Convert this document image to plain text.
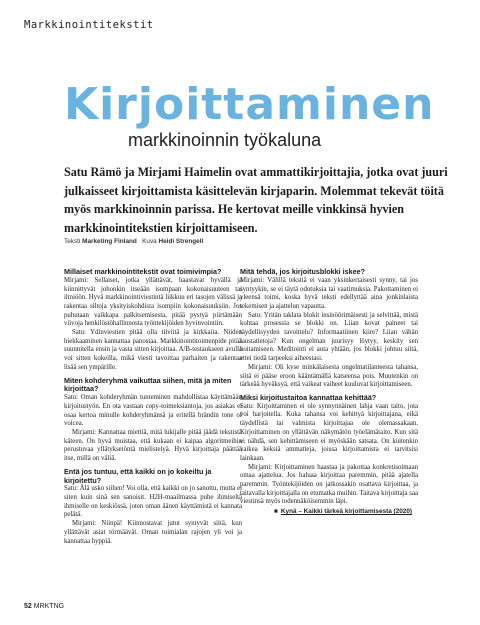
Markkinointitekstit
Kirjoittaminen
markkinoinnin työkaluna

Satu Rämö ja Mirjami Haimelin ovat ammattikirjoittajia, jotka ovat juuri julkaisseet kirjoittamista käsittelevän kirjaparin. Molemmat tekevät töitä myös markkinoinnin parissa. He kertovat meille vinkkinsä hyvien markkinointitekstien kirjoittamiseen.

Teksti Marketing Finland Kuva Heidi Strengell
Millaiset markkinointitekstit ovat toimivimpia?

Mirjami: Sellaiset, jotka yllättävät, haastavat hyvällä ja kiinnittyvät johonkin itseään isompaan kokonaisuuteen tai ilmiöön. Hyvä markkinointiviestintä liikkuu eri tasojen välissä ja rakentaa siltoja yksityiskohdista isompiin kokonaisuuksiin. Jos puhutaan vaikkapa palkitsemisesta, pitää pystyä piirtämään viivoja henkilöstöhallinnosta työntekijöiden hyvinvointiin.

Satu: Ydinviestien pitää olla tiiviitä ja kirkkaita. Niiden hiekkaaminen kannattaa panostaa. Markkinointitoimenpide pitää suunnitella ensin ja vasta sitten kirjoittaa. A/B-testaukseen avulla voi sitten kokeilla, mikä viesti tavoittaa parhaiten ja rakentaa lisää sen ympärille.

Miten kohderyhmä vaikuttaa siihen, mitä ja miten kirjoittaa?

Satu: Oman kohderyhmän tunteminen mahdollistaa käyttämään kirjoitustyön. En ota vastaan copy-toimeksiantoja, jos asiakas ei osaa kertoa minulle kohderyhmänsä ja eritellä brändin tone of voicea.

Mirjami: Kannattaa miettiä, mitä lukijalle pitää jäädä tekstistä käteen. On hyvä muistaa, että kukaan ei kaipaa algoritmeihin perustuvaa yllätyksetöntä mielistelyä. Hyvä kirjoittaja päättää itse, millä on väliä.

Entä jos tuntuu, että kaikki on jo kokeiltu ja kirjoitettu?

Satu: Älä usko siihen! Voi olla, että kaikki on jo sanottu, mutta ei siten kuin sinä sen sanoisit. H2H-maailmassa puhe ihmiseltä ihmiselle on keskiössä, joten oman äänen käyttämistä ei kannata pelätä.

Mirjami: Niinpä! Kiinnostavat jutut syntyvät siitä, kun yllättävät asiat törmäävät. Oman toimialan rajojen yli voi ja kannattaa hyppiä.

Mitä tehdä, jos kirjoitusblokki iskee?

Mirjami: Välillä tekstiä ei vaan yksinkertaisesti synny, tai jos syntyykin, se ei täytä odotuksia tai vaatimuksia. Pakottaminen ei yleensä toimi, koska hyvä teksti edellyttää aina jonkinlaista tekemisen ja ajattelun vapautta.

Satu: Yritän taklata blokit insinöörimäisesti ja selvittää, mistä kohtaa prosessia se blokki on. Liian kovat paineet tai täydellisyyden tavoittelu? Informaatiinen kiire? Liian vähän taustatietoja? Kun ongelman juurisyy löytyy, keskity sen hoitamiseen. Meditointi ei auta yhtään, jos blokki johtuu siitä, ettei tiedä tarpeeksi aiheestasi.

Mirjami: Oli kyse minkälaisesta ongelmatilanteesta tahansa, siitä ei pääse eroon kääntämällä katseensa pois. Muutenkin on tärkeää hyväksyä, että vaikeat vaiheet kuuluvat kirjoittamiseen.

Miksi kirjoitustaitoa kannattaa kehittää?

Satu: Kirjoittaminen ei ole synnynnäinen lahja vaan taito, jota voi harjoitella. Kuka tahansa voi kehittyä kirjoittajana, eikä täydellistä tai valmista kirjoittajaa ole olemassakaan. Kirjoittaminen on yllättävän näkymätön työelämätaito. Kun sitä ei nähdä, sen kehittämiseen ei myöskään satsata. On kuitenkin vaikea keksiä ammatteja, joissa kirjoittamista ei tarvitsisi lainkaan.

Mirjami: Kirjoittaminen haastaa ja pakottaa konkretisoimaan omaa ajattelua. Jos haluaa kirjoittaa paremmin, pitää ajatella paremmin. Työntekijöiden on jatkossakin osattava kirjoittaa, ja taitavalla kirjoittajalla on etumatka muihin. Taitava kirjoittaja saa viestinsä myös todennäköisemmin läpi.

■ Kynä – Kaikki tärkeä kirjoittamisesta (2020)
52 MRKTNG
